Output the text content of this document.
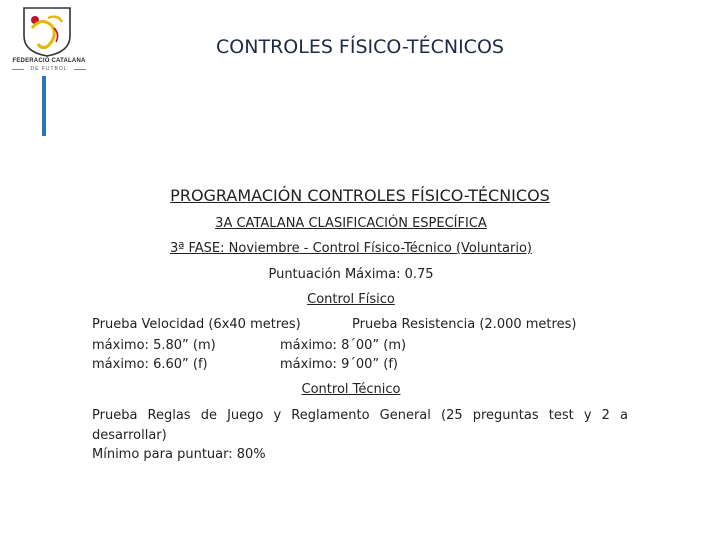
FEDERACIÓ CATALANA
DE FUTBOL
CONTROLES FÍSICO-TÉCNICOS
PROGRAMACIÓN CONTROLES FÍSICO-TÉCNICOS
3A CATALANA CLASIFICACIÓN ESPECÍFICA
3ª FASE: Noviembre - Control Físico-Técnico (Voluntario)
Puntuación Máxima: 0.75
Control Físico
Prueba Velocidad (6x40 metres)	Prueba Resistencia (2.000 metres)
máximo: 5.80” (m)	máximo: 8´00” (m)
máximo: 6.60” (f)	máximo: 9´00” (f)
Control Técnico
Prueba Reglas de Juego y Reglamento General (25 preguntas test y 2 a desarrollar)
Mínimo para puntuar: 80%
